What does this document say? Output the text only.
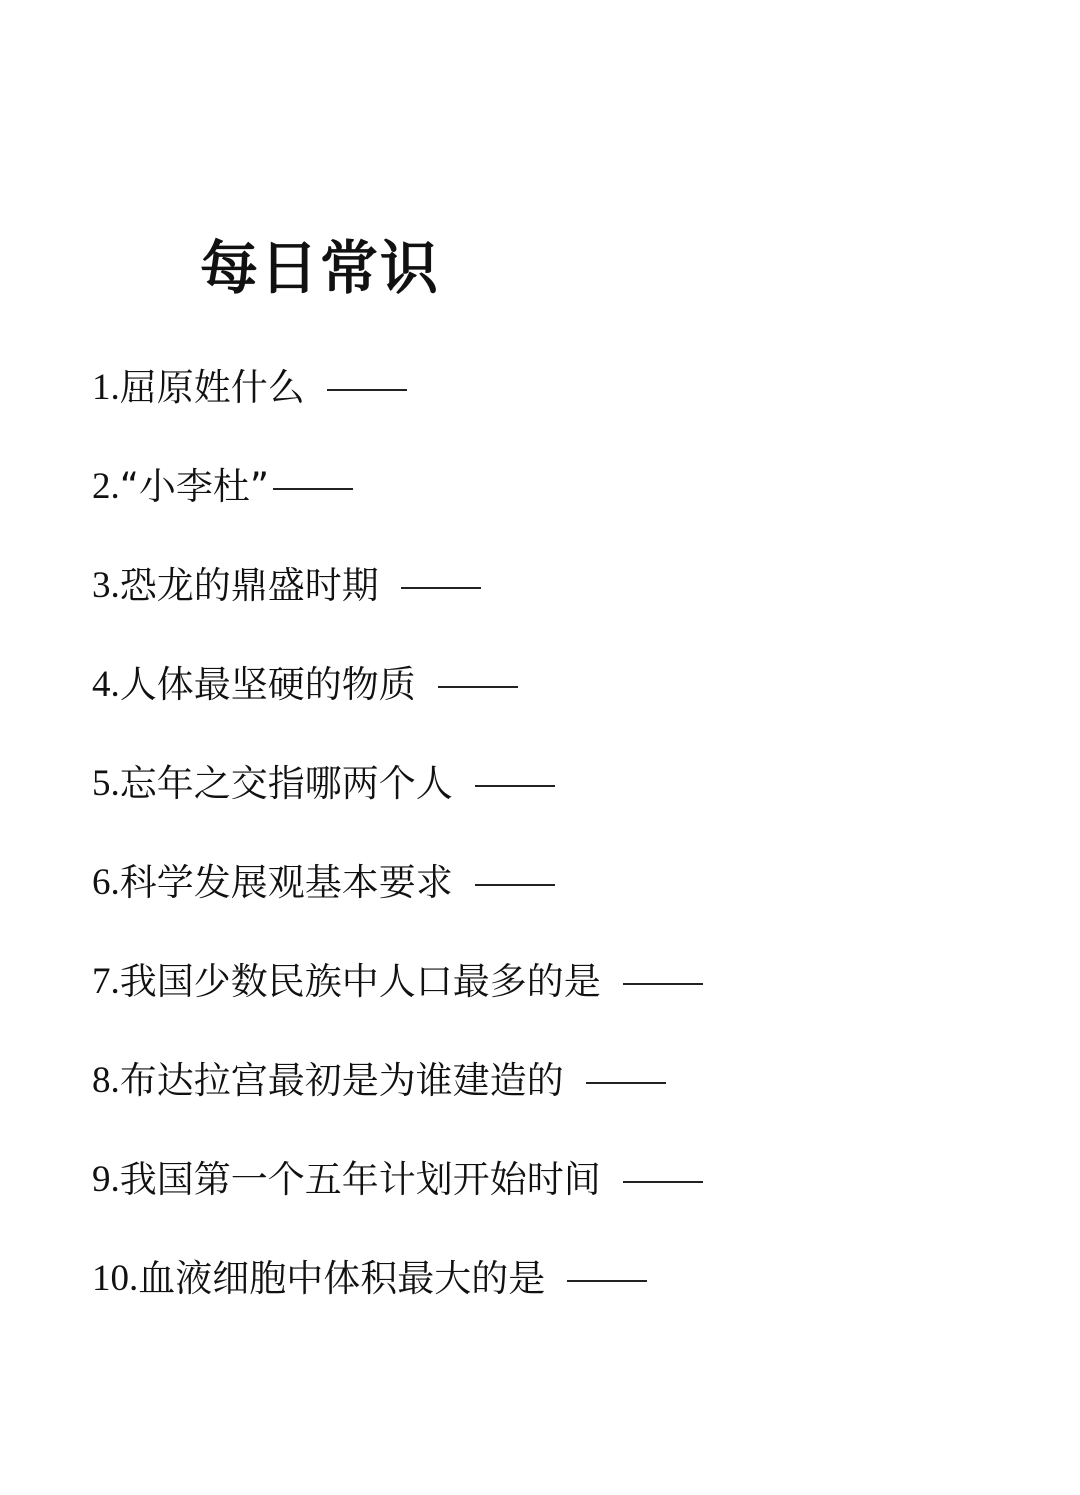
每日常识
1. 屈原姓什么
2. “小李杜”
3. 恐龙的鼎盛时期
4. 人体最坚硬的物质
5. 忘年之交指哪两个人
6. 科学发展观基本要求
7. 我国少数民族中人口最多的是
8. 布达拉宫最初是为谁建造的
9. 我国第一个五年计划开始时间
10. 血液细胞中体积最大的是
